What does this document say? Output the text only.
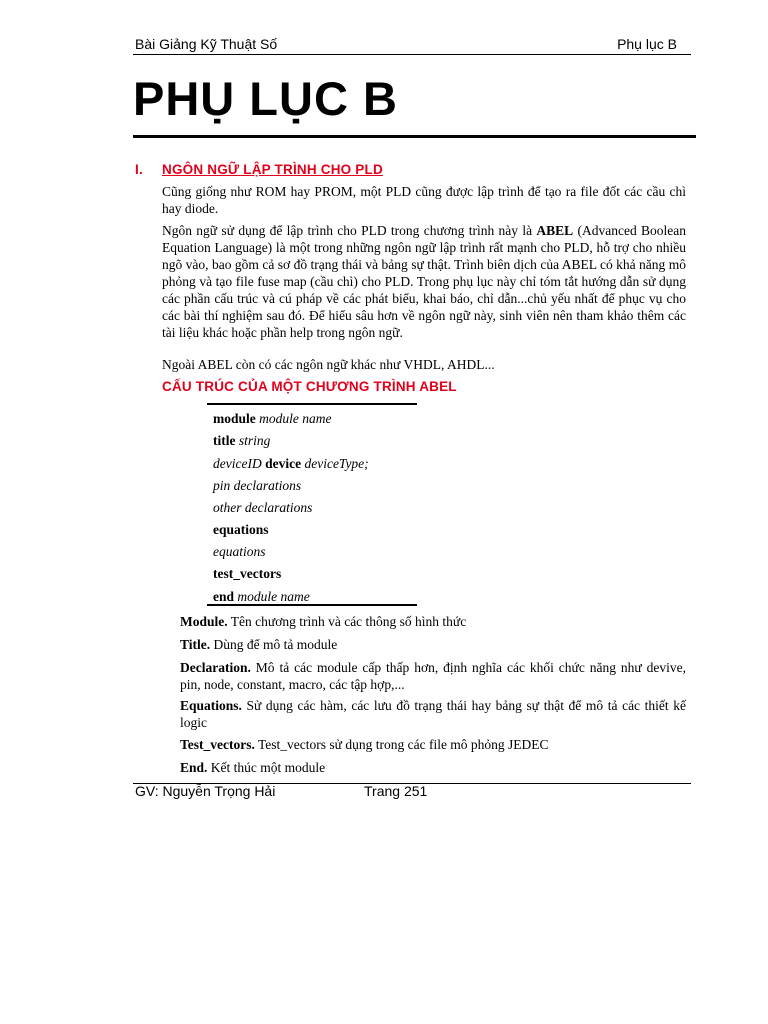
Bài Giảng Kỹ Thuật Số	Phụ lục B
PHỤ LỤC B
I. NGÔN NGỮ LẬP TRÌNH CHO PLD
Cũng giống như ROM hay PROM, một PLD cũng được lập trình để tạo ra file đốt các cầu chì hay diode.
Ngôn ngữ sử dụng để lập trình cho PLD trong chương trình này là ABEL (Advanced Boolean Equation Language) là một trong những ngôn ngữ lập trình rất mạnh cho PLD, hỗ trợ cho nhiều ngõ vào, bao gồm cả sơ đồ trạng thái và bảng sự thật. Trình biên dịch của ABEL có khả năng mô phỏng và tạo file fuse map (cầu chì) cho PLD. Trong phụ lục này chỉ tóm tắt hướng dẫn sử dụng các phần cấu trúc và cú pháp về các phát biểu, khai báo, chỉ dẫn...chủ yếu nhất để phục vụ cho các bài thí nghiệm sau đó. Để hiểu sâu hơn về ngôn ngữ này, sinh viên nên tham khảo thêm các tài liệu khác hoặc phần help trong ngôn ngữ.
Ngoài ABEL còn có các ngôn ngữ khác như VHDL, AHDL...
CẤU TRÚC CỦA MỘT CHƯƠNG TRÌNH ABEL
module module name
title string
deviceID device deviceType;
pin declarations
other declarations
equations
equations
test_vectors
end module name
Module. Tên chương trình và các thông số hình thức
Title. Dùng để mô tả module
Declaration. Mô tả các module cấp thấp hơn, định nghĩa các khối chức năng như devive, pin, node, constant, macro, các tập hợp,...
Equations. Sử dụng các hàm, các lưu đồ trạng thái hay bảng sự thật để mô tả các thiết kế logic
Test_vectors. Test_vectors sử dụng trong các file mô phỏng JEDEC
End. Kết thúc một module
GV: Nguyễn Trọng Hải	Trang 251
